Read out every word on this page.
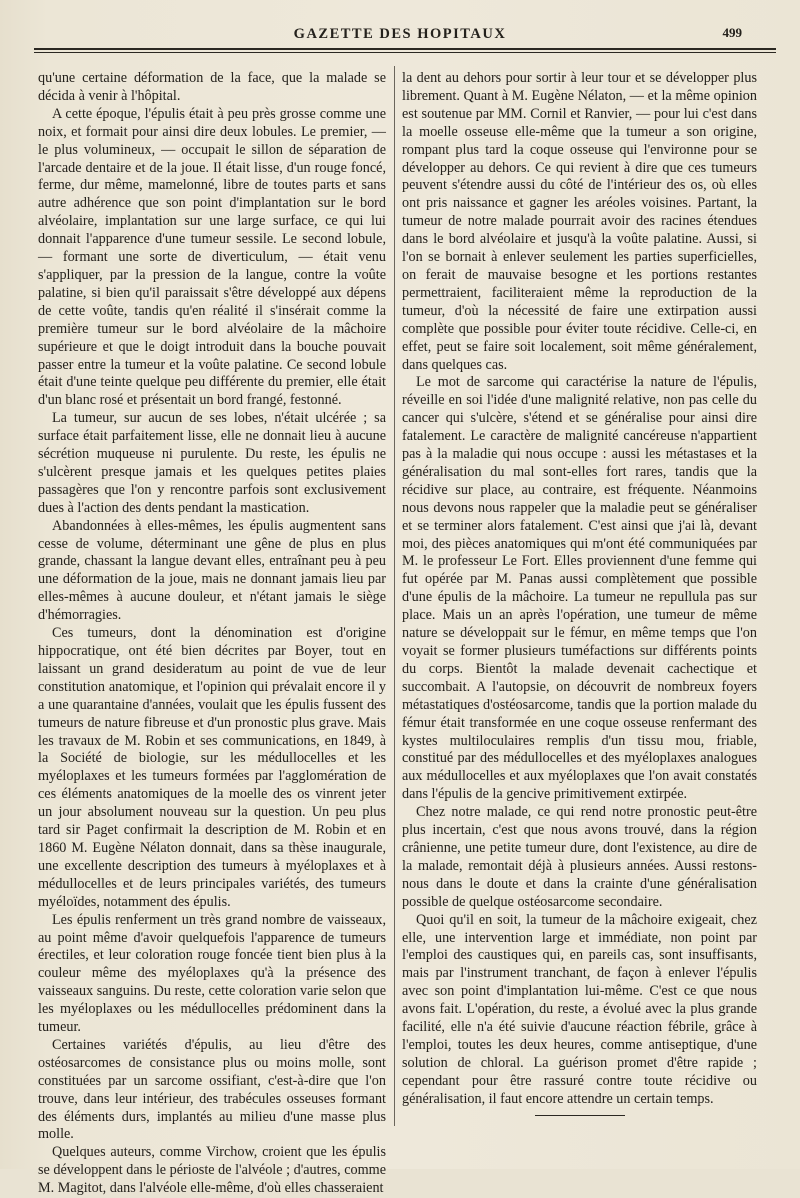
GAZETTE DES HOPITAUX	499

qu'une certaine déformation de la face, que la malade se décida à venir à l'hôpital.

A cette époque, l'épulis était à peu près grosse comme une noix, et formait pour ainsi dire deux lobules. Le premier, — le plus volumineux, — occupait le sillon de séparation de l'arcade dentaire et de la joue. Il était lisse, d'un rouge foncé, ferme, dur même, mamelonné, libre de toutes parts et sans autre adhérence que son point d'implantation sur le bord alvéolaire, implantation sur une large surface, ce qui lui donnait l'apparence d'une tumeur sessile. Le second lobule, — formant une sorte de diverticulum, — était venu s'appliquer, par la pression de la langue, contre la voûte palatine, si bien qu'il paraissait s'être développé aux dépens de cette voûte, tandis qu'en réalité il s'insérait comme la première tumeur sur le bord alvéolaire de la mâchoire supérieure et que le doigt introduit dans la bouche pouvait passer entre la tumeur et la voûte palatine. Ce second lobule était d'une teinte quelque peu différente du premier, elle était d'un blanc rosé et présentait un bord frangé, festonné.

La tumeur, sur aucun de ses lobes, n'était ulcérée ; sa surface était parfaitement lisse, elle ne donnait lieu à aucune sécrétion muqueuse ni purulente. Du reste, les épulis ne s'ulcèrent presque jamais et les quelques petites plaies passagères que l'on y rencontre parfois sont exclusivement dues à l'action des dents pendant la mastication.

Abandonnées à elles-mêmes, les épulis augmentent sans cesse de volume, déterminant une gêne de plus en plus grande, chassant la langue devant elles, entraînant peu à peu une déformation de la joue, mais ne donnant jamais lieu par elles-mêmes à aucune douleur, et n'étant jamais le siège d'hémorragies.

Ces tumeurs, dont la dénomination est d'origine hippocratique, ont été bien décrites par Boyer, tout en laissant un grand desideratum au point de vue de leur constitution anatomique, et l'opinion qui prévalait encore il y a une quarantaine d'années, voulait que les épulis fussent des tumeurs de nature fibreuse et d'un pronostic plus grave. Mais les travaux de M. Robin et ses communications, en 1849, à la Société de biologie, sur les médullocelles et les myéloplaxes et les tumeurs formées par l'agglomération de ces éléments anatomiques de la moelle des os vinrent jeter un jour absolument nouveau sur la question. Un peu plus tard sir Paget confirmait la description de M. Robin et en 1860 M. Eugène Nélaton donnait, dans sa thèse inaugurale, une excellente description des tumeurs à myéloplaxes et à médullocelles et de leurs principales variétés, des tumeurs myéloïdes, notamment des épulis.

Les épulis renferment un très grand nombre de vaisseaux, au point même d'avoir quelquefois l'apparence de tumeurs érectiles, et leur coloration rouge foncée tient bien plus à la couleur même des myéloplaxes qu'à la présence des vaisseaux sanguins. Du reste, cette coloration varie selon que les myéloplaxes ou les médullocelles prédominent dans la tumeur.

Certaines variétés d'épulis, au lieu d'être des ostéosarcomes de consistance plus ou moins molle, sont constituées par un sarcome ossifiant, c'est-à-dire que l'on trouve, dans leur intérieur, des trabécules osseuses formant des éléments durs, implantés au milieu d'une masse plus molle.

Quelques auteurs, comme Virchow, croient que les épulis se développent dans le périoste de l'alvéole ; d'autres, comme M. Magitot, dans l'alvéole elle-même, d'où elles chasseraient

la dent au dehors pour sortir à leur tour et se développer plus librement. Quant à M. Eugène Nélaton, — et la même opinion est soutenue par MM. Cornil et Ranvier, — pour lui c'est dans la moelle osseuse elle-même que la tumeur a son origine, rompant plus tard la coque osseuse qui l'environne pour se développer au dehors. Ce qui revient à dire que ces tumeurs peuvent s'étendre aussi du côté de l'intérieur des os, où elles ont pris naissance et gagner les aréoles voisines. Partant, la tumeur de notre malade pourrait avoir des racines étendues dans le bord alvéolaire et jusqu'à la voûte palatine. Aussi, si l'on se bornait à enlever seulement les parties superficielles, on ferait de mauvaise besogne et les portions restantes permettraient, faciliteraient même la reproduction de la tumeur, d'où la nécessité de faire une extirpation aussi complète que possible pour éviter toute récidive. Celle-ci, en effet, peut se faire soit localement, soit même généralement, dans quelques cas.

Le mot de sarcome qui caractérise la nature de l'épulis, réveille en soi l'idée d'une malignité relative, non pas celle du cancer qui s'ulcère, s'étend et se généralise pour ainsi dire fatalement. Le caractère de malignité cancéreuse n'appartient pas à la maladie qui nous occupe : aussi les métastases et la généralisation du mal sont-elles fort rares, tandis que la récidive sur place, au contraire, est fréquente. Néanmoins nous devons nous rappeler que la maladie peut se généraliser et se terminer alors fatalement. C'est ainsi que j'ai là, devant moi, des pièces anatomiques qui m'ont été communiquées par M. le professeur Le Fort. Elles proviennent d'une femme qui fut opérée par M. Panas aussi complètement que possible d'une épulis de la mâchoire. La tumeur ne repullula pas sur place. Mais un an après l'opération, une tumeur de même nature se développait sur le fémur, en même temps que l'on voyait se former plusieurs tuméfactions sur différents points du corps. Bientôt la malade devenait cachectique et succombait. A l'autopsie, on découvrit de nombreux foyers métastatiques d'ostéosarcome, tandis que la portion malade du fémur était transformée en une coque osseuse renfermant des kystes multiloculaires remplis d'un tissu mou, friable, constitué par des médullocelles et des myéloplaxes analogues aux médullocelles et aux myéloplaxes que l'on avait constatés dans l'épulis de la gencive primitivement extirpée.

Chez notre malade, ce qui rend notre pronostic peut-être plus incertain, c'est que nous avons trouvé, dans la région crânienne, une petite tumeur dure, dont l'existence, au dire de la malade, remontait déjà à plusieurs années. Aussi restons-nous dans le doute et dans la crainte d'une généralisation possible de quelque ostéosarcome secondaire.

Quoi qu'il en soit, la tumeur de la mâchoire exigeait, chez elle, une intervention large et immédiate, non point par l'emploi des caustiques qui, en pareils cas, sont insuffisants, mais par l'instrument tranchant, de façon à enlever l'épulis avec son point d'implantation lui-même. C'est ce que nous avons fait. L'opération, du reste, a évolué avec la plus grande facilité, elle n'a été suivie d'aucune réaction fébrile, grâce à l'emploi, toutes les deux heures, comme antiseptique, d'une solution de chloral. La guérison promet d'être rapide ; cependant pour être rassuré contre toute récidive ou généralisation, il faut encore attendre un certain temps.
